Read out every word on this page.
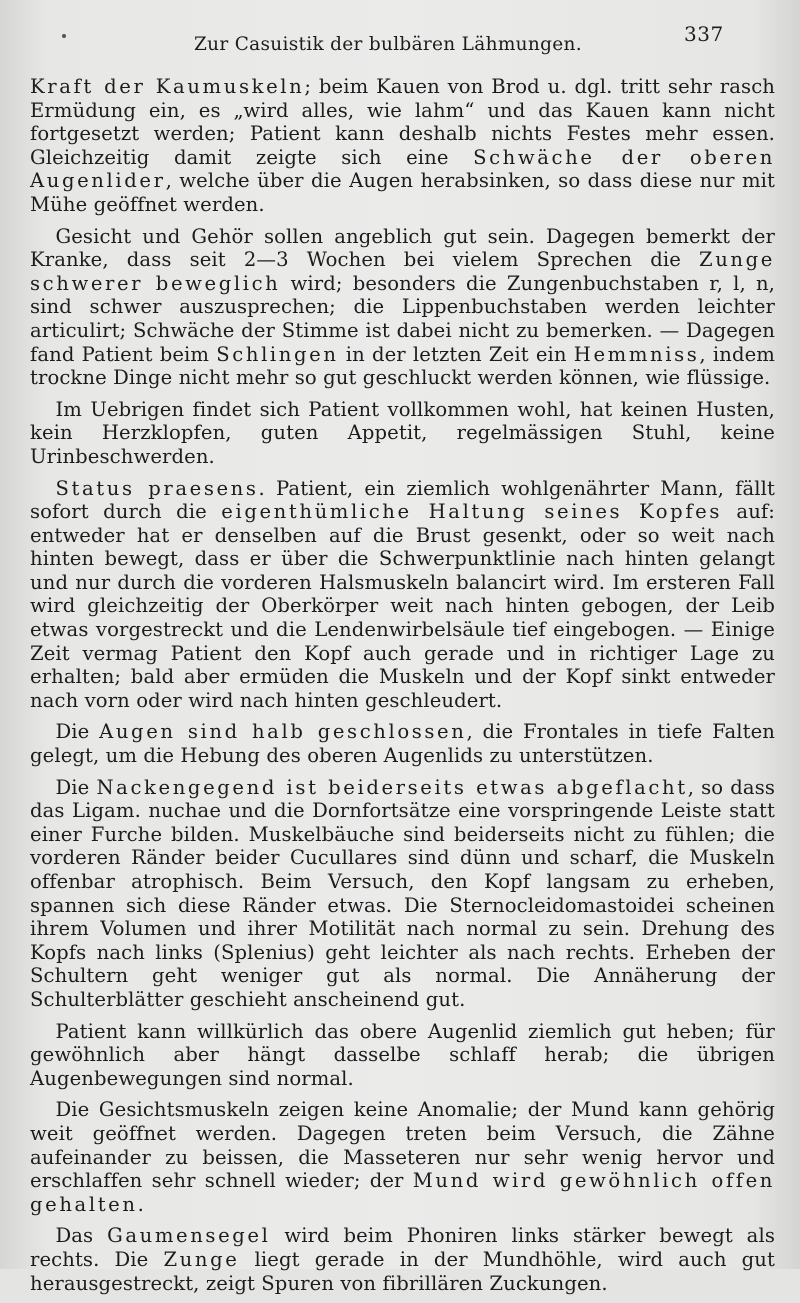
Zur Casuistik der bulbären Lähmungen.	337

Kraft der Kaumuskeln; beim Kauen von Brod u. dgl. tritt sehr rasch Ermüdung ein, es „wird alles, wie lahm“ und das Kauen kann nicht fortgesetzt werden; Patient kann deshalb nichts Festes mehr essen. Gleichzeitig damit zeigte sich eine Schwäche der oberen Augenlider, welche über die Augen herabsinken, so dass diese nur mit Mühe geöffnet werden.

Gesicht und Gehör sollen angeblich gut sein. Dagegen bemerkt der Kranke, dass seit 2—3 Wochen bei vielem Sprechen die Zunge schwerer beweglich wird; besonders die Zungenbuchstaben r, l, n, sind schwer auszusprechen; die Lippenbuchstaben werden leichter articulirt; Schwäche der Stimme ist dabei nicht zu bemerken. — Dagegen fand Patient beim Schlingen in der letzten Zeit ein Hemmniss, indem trockne Dinge nicht mehr so gut geschluckt werden können, wie flüssige.

Im Uebrigen findet sich Patient vollkommen wohl, hat keinen Husten, kein Herzklopfen, guten Appetit, regelmässigen Stuhl, keine Urinbeschwerden.

Status praesens. Patient, ein ziemlich wohlgenährter Mann, fällt sofort durch die eigenthümliche Haltung seines Kopfes auf: entweder hat er denselben auf die Brust gesenkt, oder so weit nach hinten bewegt, dass er über die Schwerpunktlinie nach hinten gelangt und nur durch die vorderen Halsmuskeln balancirt wird. Im ersteren Fall wird gleichzeitig der Oberkörper weit nach hinten gebogen, der Leib etwas vorgestreckt und die Lendenwirbelsäule tief eingebogen. — Einige Zeit vermag Patient den Kopf auch gerade und in richtiger Lage zu erhalten; bald aber ermüden die Muskeln und der Kopf sinkt entweder nach vorn oder wird nach hinten geschleudert.

Die Augen sind halb geschlossen, die Frontales in tiefe Falten gelegt, um die Hebung des oberen Augenlids zu unterstützen.

Die Nackengegend ist beiderseits etwas abgeflacht, so dass das Ligam. nuchae und die Dornfortsätze eine vorspringende Leiste statt einer Furche bilden. Muskelbäuche sind beiderseits nicht zu fühlen; die vorderen Ränder beider Cucullares sind dünn und scharf, die Muskeln offenbar atrophisch. Beim Versuch, den Kopf langsam zu erheben, spannen sich diese Ränder etwas. Die Sternocleidomastoidei scheinen ihrem Volumen und ihrer Motilität nach normal zu sein. Drehung des Kopfs nach links (Splenius) geht leichter als nach rechts. Erheben der Schultern geht weniger gut als normal. Die Annäherung der Schulterblätter geschieht anscheinend gut.

Patient kann willkürlich das obere Augenlid ziemlich gut heben; für gewöhnlich aber hängt dasselbe schlaff herab; die übrigen Augenbewegungen sind normal.

Die Gesichtsmuskeln zeigen keine Anomalie; der Mund kann gehörig weit geöffnet werden. Dagegen treten beim Versuch, die Zähne aufeinander zu beissen, die Masseteren nur sehr wenig hervor und erschlaffen sehr schnell wieder; der Mund wird gewöhnlich offen gehalten.

Das Gaumensegel wird beim Phoniren links stärker bewegt als rechts. Die Zunge liegt gerade in der Mundhöhle, wird auch gut herausgestreckt, zeigt Spuren von fibrillären Zuckungen.
